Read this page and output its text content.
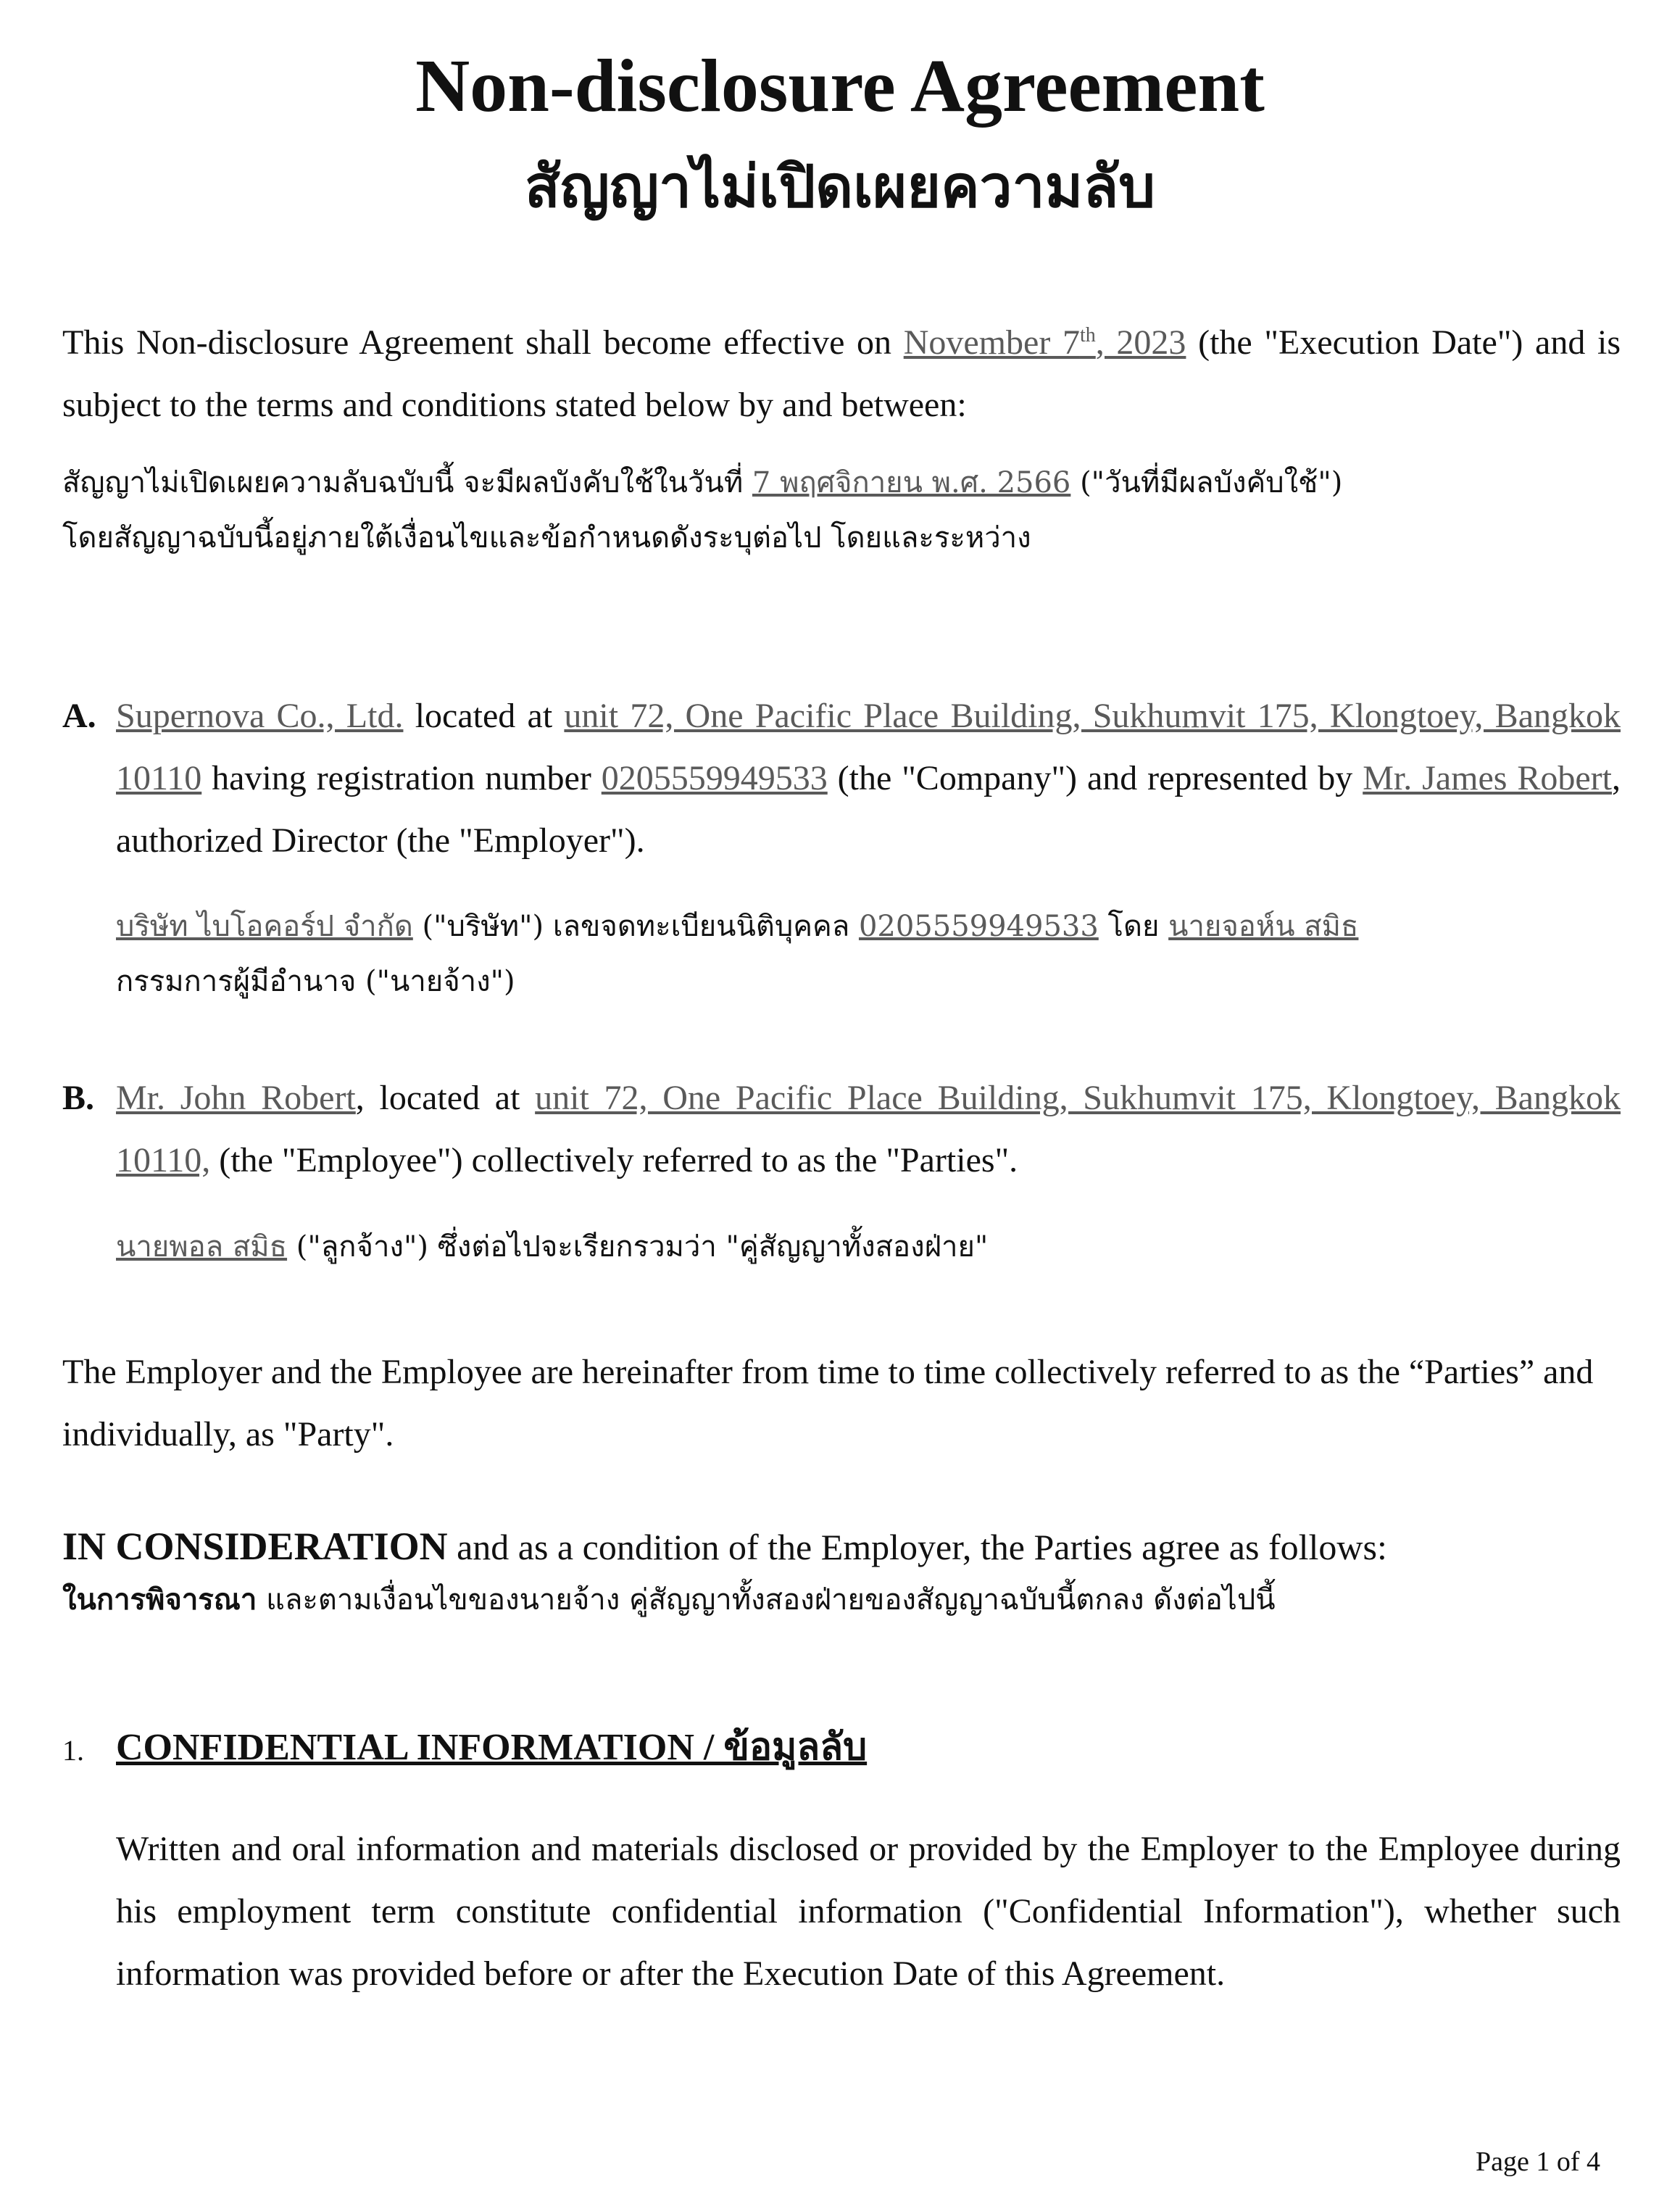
Non-disclosure Agreement
สัญญาไม่เปิดเผยความลับ

This Non-disclosure Agreement shall become effective on November 7th, 2023 (the "Execution Date") and is subject to the terms and conditions stated below by and between:

สัญญาไม่เปิดเผยความลับฉบับนี้ จะมีผลบังคับใช้ในวันที่ 7 พฤศจิกายน พ.ศ. 2566 ("วันที่มีผลบังคับใช้")

โดยสัญญาฉบับนี้อยู่ภายใต้เงื่อนไขและข้อกำหนดดังระบุต่อไป โดยและระหว่าง

A. Supernova Co., Ltd. located at unit 72, One Pacific Place Building, Sukhumvit 175, Klongtoey, Bangkok 10110 having registration number 0205559949533 (the "Company") and represented by Mr. James Robert, authorized Director (the "Employer").

บริษัท ไบโอคอร์ป จำกัด ("บริษัท") เลขจดทะเบียนนิติบุคคล 0205559949533 โดย นายจอห์น สมิธ

กรรมการผู้มีอำนาจ ("นายจ้าง")

B. Mr. John Robert, located at unit 72, One Pacific Place Building, Sukhumvit 175, Klongtoey, Bangkok 10110, (the "Employee") collectively referred to as the "Parties".

นายพอล สมิธ ("ลูกจ้าง") ซึ่งต่อไปจะเรียกรวมว่า "คู่สัญญาทั้งสองฝ่าย"

The Employer and the Employee are hereinafter from time to time collectively referred to as the “Parties” and individually, as "Party".

IN CONSIDERATION and as a condition of the Employer, the Parties agree as follows:

ในการพิจารณา และตามเงื่อนไขของนายจ้าง คู่สัญญาทั้งสองฝ่ายของสัญญาฉบับนี้ตกลง ดังต่อไปนี้

1. CONFIDENTIAL INFORMATION / ข้อมูลลับ

Written and oral information and materials disclosed or provided by the Employer to the Employee during his employment term constitute confidential information ("Confidential Information"), whether such information was provided before or after the Execution Date of this Agreement.

Page 1 of 4
